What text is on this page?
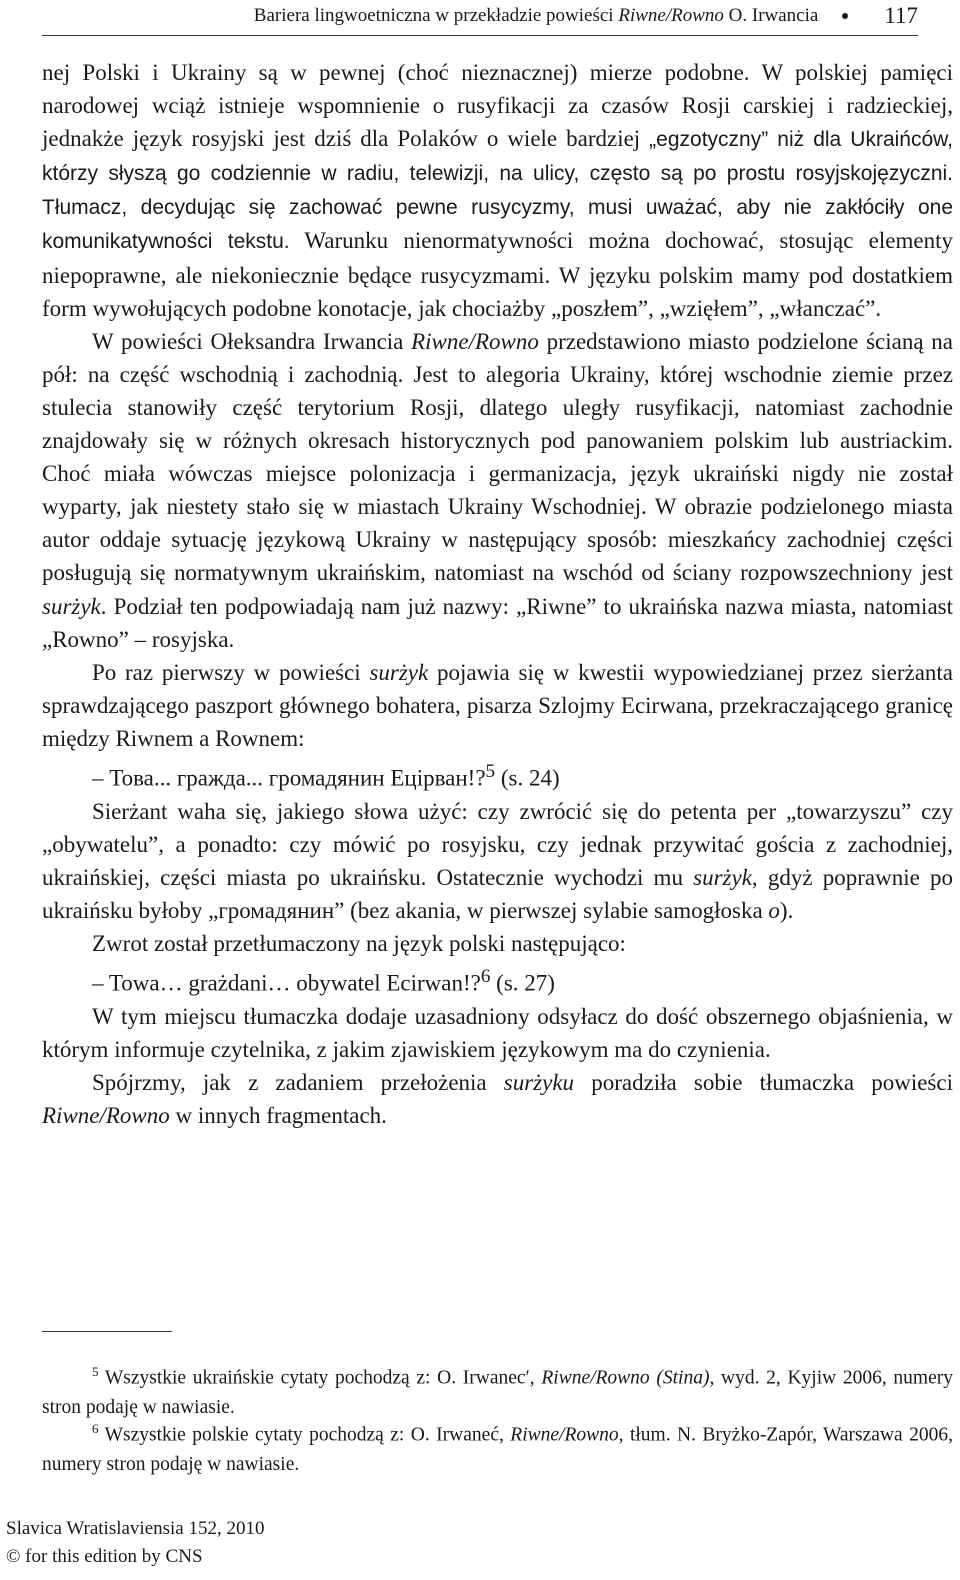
Bariera lingwoetniczna w przekładzie powieści Riwne/Rowno O. Irwancia	117

nej Polski i Ukrainy są w pewnej (choć nieznacznej) mierze podobne. W polskiej pamięci narodowej wciąż istnieje wspomnienie o rusyfikacji za czasów Rosji carskiej i radzieckiej, jednakże język rosyjski jest dziś dla Polaków o wiele bardziej „egzotyczny” niż dla Ukraińców, którzy słyszą go codziennie w radiu, telewizji, na ulicy, często są po prostu rosyjskojęzyczni. Tłumacz, decydując się zachować pewne rusycyzmy, musi uważać, aby nie zakłóciły one komunikatywności tekstu. Warunku nienormatywności można dochować, stosując elementy niepoprawne, ale niekoniecznie będące rusycyzmami. W języku polskim mamy pod dostatkiem form wywołujących podobne konotacje, jak chociażby „poszłem”, „wzięłem”, „włanczać”.

W powieści Ołeksandra Irwancia Riwne/Rowno przedstawiono miasto podzielone ścianą na pół: na część wschodnią i zachodnią. Jest to alegoria Ukrainy, której wschodnie ziemie przez stulecia stanowiły część terytorium Rosji, dlatego uległy rusyfikacji, natomiast zachodnie znajdowały się w różnych okresach historycznych pod panowaniem polskim lub austriackim. Choć miała wówczas miejsce polonizacja i germanizacja, język ukraiński nigdy nie został wyparty, jak niestety stało się w miastach Ukrainy Wschodniej. W obrazie podzielonego miasta autor oddaje sytuację językową Ukrainy w następujący sposób: mieszkańcy zachodniej części posługują się normatywnym ukraińskim, natomiast na wschód od ściany rozpowszechniony jest surżyk. Podział ten podpowiadają nam już nazwy: „Riwne” to ukraińska nazwa miasta, natomiast „Rowno” – rosyjska.

Po raz pierwszy w powieści surżyk pojawia się w kwestii wypowiedzianej przez sierżanta sprawdzającego paszport głównego bohatera, pisarza Szlojmy Ecirwana, przekraczającego granicę między Riwnem a Rownem:

– Това... гражда... громадянин Ецірван!?$^5$ (s. 24)

Sierżant waha się, jakiego słowa użyć: czy zwrócić się do petenta per „towarzyszu” czy „obywatelu”, a ponadto: czy mówić po rosyjsku, czy jednak przywitać gościa z zachodniej, ukraińskiej, części miasta po ukraińsku. Ostatecznie wychodzi mu surżyk, gdyż poprawnie po ukraińsku byłoby „громадянин” (bez akania, w pierwszej sylabie samogłoska o).

Zwrot został przetłumaczony na język polski następująco:

– Towa… grażdani… obywatel Ecirwan!?$^6$ (s. 27)

W tym miejscu tłumaczka dodaje uzasadniony odsyłacz do dość obszernego objaśnienia, w którym informuje czytelnika, z jakim zjawiskiem językowym ma do czynienia.

Spójrzmy, jak z zadaniem przełożenia surżyku poradziła sobie tłumaczka powieści Riwne/Rowno w innych fragmentach.

$^5$ Wszystkie ukraińskie cytaty pochodzą z: O. Irwanec′, Riwne/Rowno (Stina), wyd. 2, Kyjiw 2006, numery stron podaję w nawiasie.

$^6$ Wszystkie polskie cytaty pochodzą z: O. Irwaneć, Riwne/Rowno, tłum. N. Bryżko-Zapór, Warszawa 2006, numery stron podaję w nawiasie.

Slavica Wratislaviensia 152, 2010
© for this edition by CNS
